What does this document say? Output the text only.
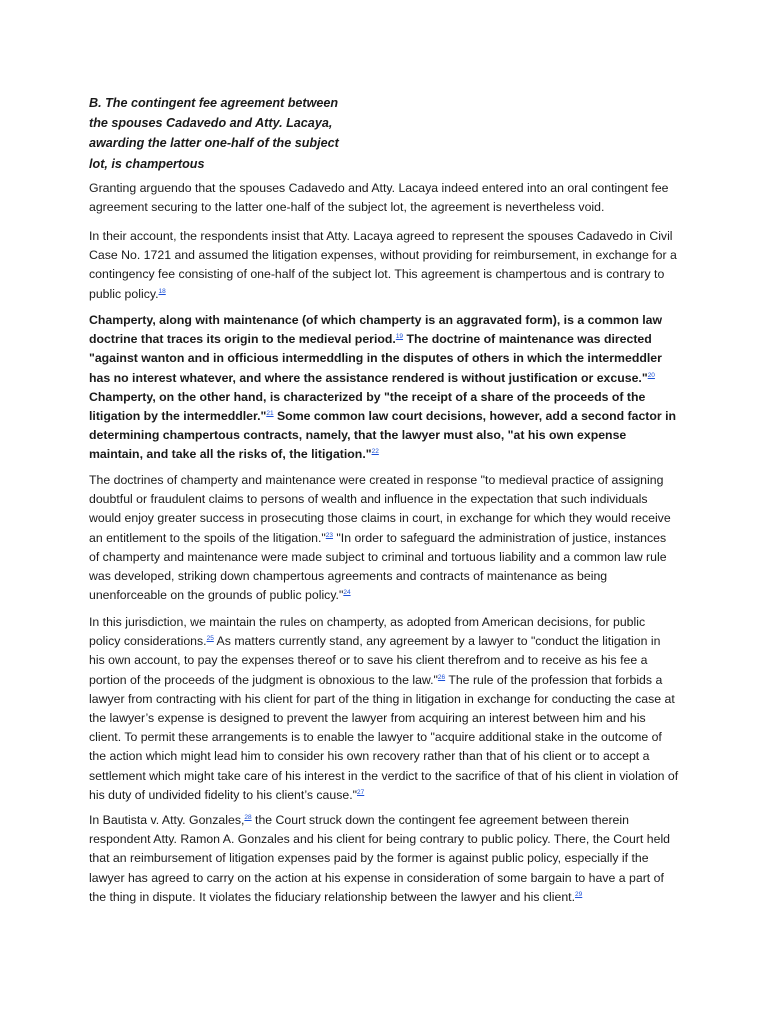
B. The contingent fee agreement between the spouses Cadavedo and Atty. Lacaya, awarding the latter one-half of the subject lot, is champertous

Granting arguendo that the spouses Cadavedo and Atty. Lacaya indeed entered into an oral contingent fee agreement securing to the latter one-half of the subject lot, the agreement is nevertheless void.

In their account, the respondents insist that Atty. Lacaya agreed to represent the spouses Cadavedo in Civil Case No. 1721 and assumed the litigation expenses, without providing for reimbursement, in exchange for a contingency fee consisting of one-half of the subject lot. This agreement is champertous and is contrary to public policy.$^{18}$

Champerty, along with maintenance (of which champerty is an aggravated form), is a common law doctrine that traces its origin to the medieval period.$^{19}$ The doctrine of maintenance was directed "against wanton and in officious intermeddling in the disputes of others in which the intermeddler has no interest whatever, and where the assistance rendered is without justification or excuse."$^{20}$ Champerty, on the other hand, is characterized by "the receipt of a share of the proceeds of the litigation by the intermeddler."$^{21}$ Some common law court decisions, however, add a second factor in determining champertous contracts, namely, that the lawyer must also, "at his own expense maintain, and take all the risks of, the litigation."$^{22}$

The doctrines of champerty and maintenance were created in response "to medieval practice of assigning doubtful or fraudulent claims to persons of wealth and influence in the expectation that such individuals would enjoy greater success in prosecuting those claims in court, in exchange for which they would receive an entitlement to the spoils of the litigation."$^{23}$ "In order to safeguard the administration of justice, instances of champerty and maintenance were made subject to criminal and tortuous liability and a common law rule was developed, striking down champertous agreements and contracts of maintenance as being unenforceable on the grounds of public policy."$^{24}$

In this jurisdiction, we maintain the rules on champerty, as adopted from American decisions, for public policy considerations.$^{25}$ As matters currently stand, any agreement by a lawyer to "conduct the litigation in his own account, to pay the expenses thereof or to save his client therefrom and to receive as his fee a portion of the proceeds of the judgment is obnoxious to the law."$^{26}$ The rule of the profession that forbids a lawyer from contracting with his client for part of the thing in litigation in exchange for conducting the case at the lawyer’s expense is designed to prevent the lawyer from acquiring an interest between him and his client. To permit these arrangements is to enable the lawyer to "acquire additional stake in the outcome of the action which might lead him to consider his own recovery rather than that of his client or to accept a settlement which might take care of his interest in the verdict to the sacrifice of that of his client in violation of his duty of undivided fidelity to his client’s cause."$^{27}$

In Bautista v. Atty. Gonzales,$^{28}$ the Court struck down the contingent fee agreement between therein respondent Atty. Ramon A. Gonzales and his client for being contrary to public policy. There, the Court held that an reimbursement of litigation expenses paid by the former is against public policy, especially if the lawyer has agreed to carry on the action at his expense in consideration of some bargain to have a part of the thing in dispute. It violates the fiduciary relationship between the lawyer and his client.$^{29}$
